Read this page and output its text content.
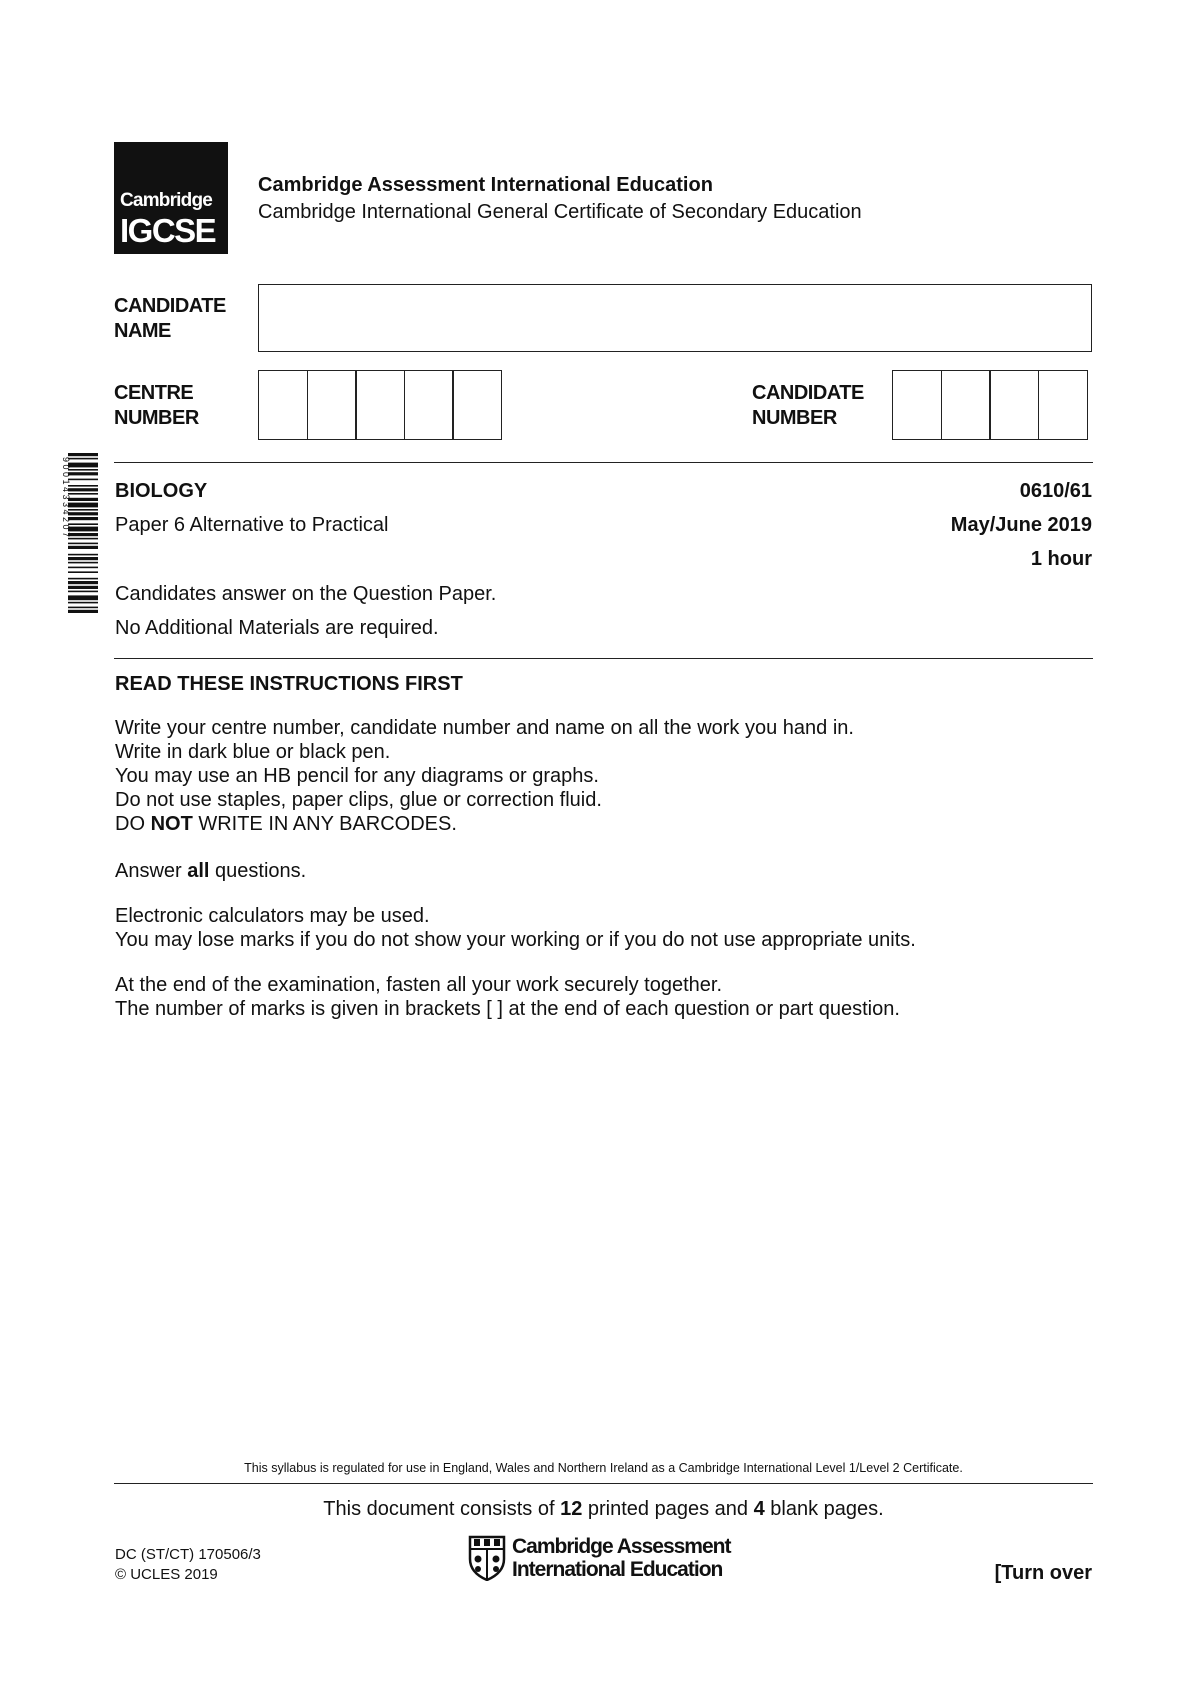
Cambridge
IGCSE
Cambridge Assessment International Education
Cambridge International General Certificate of Secondary Education
CANDIDATE
NAME
CENTRE
NUMBER
CANDIDATE
NUMBER
9 0 0 1 4 3 3 4 2 0 7 BIOLOGY	0610/61
Paper 6 Alternative to Practical	May/June 2019
1 hour
Candidates answer on the Question Paper.
No Additional Materials are required.
READ THESE INSTRUCTIONS FIRST
Write your centre number, candidate number and name on all the work you hand in.
Write in dark blue or black pen.
You may use an HB pencil for any diagrams or graphs.
Do not use staples, paper clips, glue or correction fluid.
DO NOT WRITE IN ANY BARCODES.
Answer all questions.
Electronic calculators may be used.
You may lose marks if you do not show your working or if you do not use appropriate units.
At the end of the examination, fasten all your work securely together.
The number of marks is given in brackets [ ] at the end of each question or part question.
This syllabus is regulated for use in England, Wales and Northern Ireland as a Cambridge International Level 1/Level 2 Certificate.
This document consists of 12 printed pages and 4 blank pages.
DC (ST/CT) 170506/3
© UCLES 2019
Cambridge Assessment
International Education	[Turn over
